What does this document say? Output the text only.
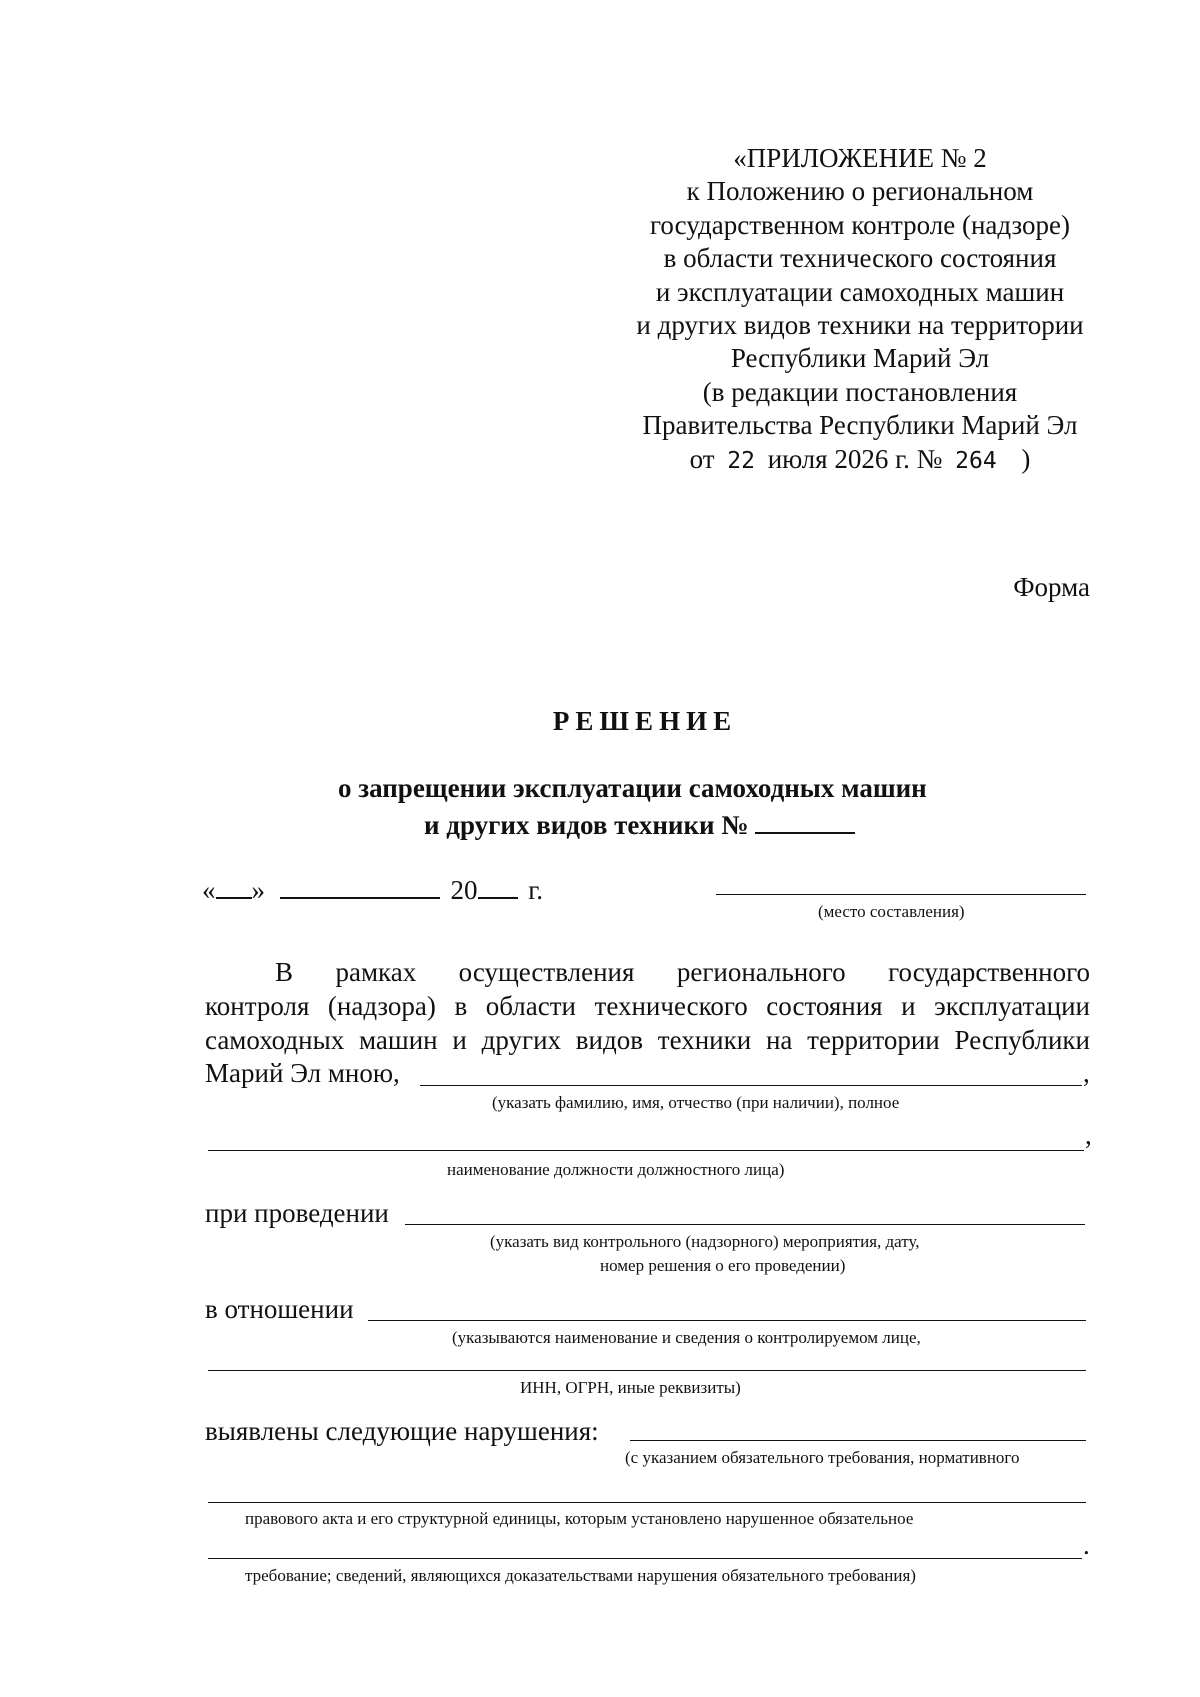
«ПРИЛОЖЕНИЕ № 2
к Положению о региональном
государственном контроле (надзоре)
в области технического состояния
и эксплуатации самоходных машин
и других видов техники на территории
Республики Марий Эл
(в редакции постановления
Правительства Республики Марий Эл
от 22 июля 2026 г. № 264 )
Форма
РЕШЕНИЕ
о запрещении эксплуатации самоходных машин
и других видов техники №
« »	20 г.
(место составления)
В рамках осуществления регионального государственного
контроля (надзора) в области технического состояния и эксплуатации
самоходных машин и других видов техники на территории Республики
Марий Эл мною,	,
(указать фамилию, имя, отчество (при наличии), полное
,
наименование должности должностного лица)
при проведении
(указать вид контрольного (надзорного) мероприятия, дату,
номер решения о его проведении)
в отношении
(указываются наименование и сведения о контролируемом лице,
ИНН, ОГРН, иные реквизиты)
выявлены следующие нарушения:
(с указанием обязательного требования, нормативного
правового акта и его структурной единицы, которым установлено нарушенное обязательное
.
требование; сведений, являющихся доказательствами нарушения обязательного требования)
